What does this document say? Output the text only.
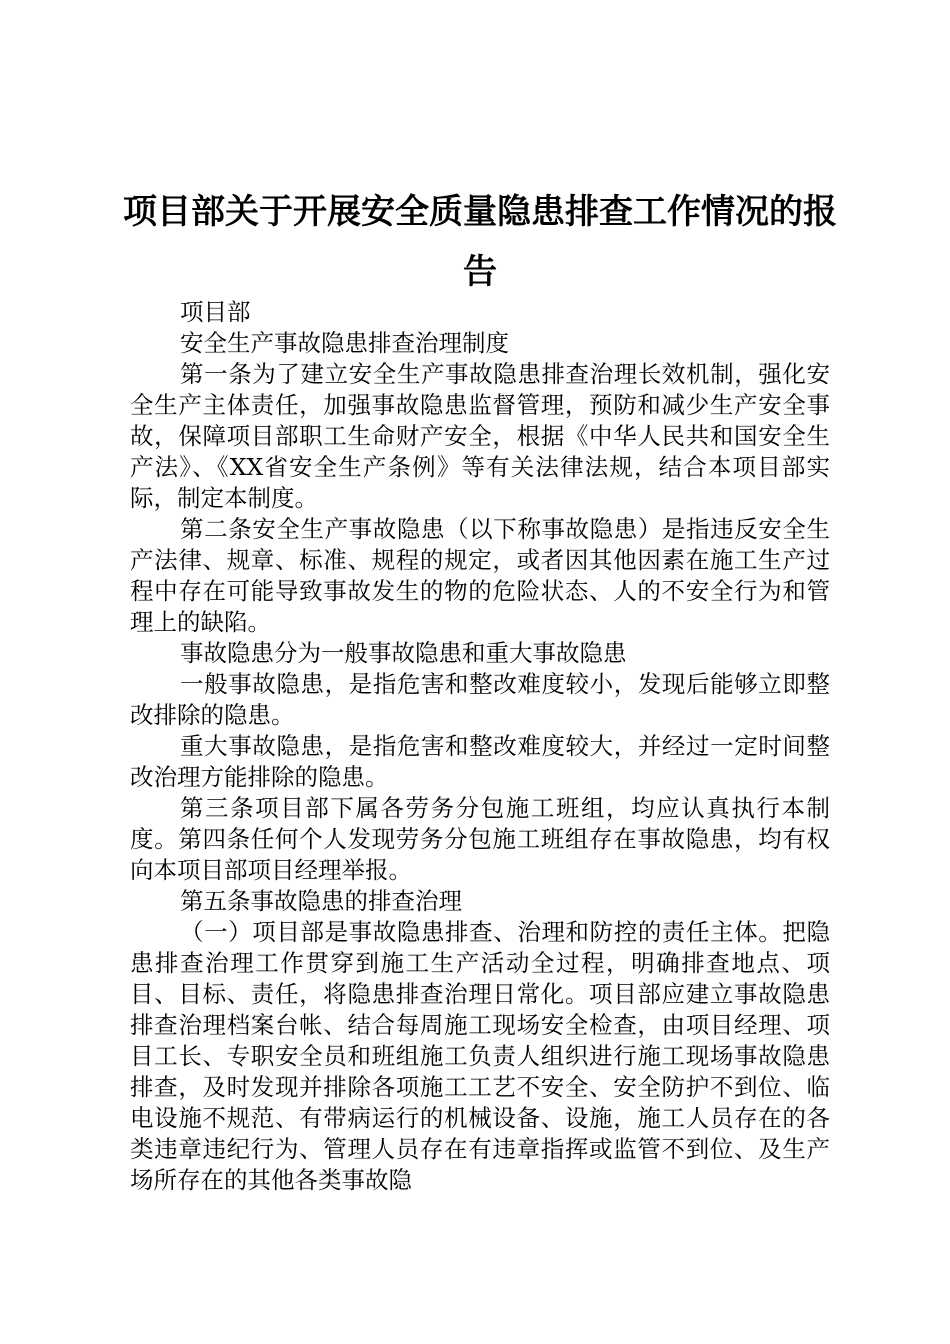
项目部关于开展安全质量隐患排查工作情况的报告

项目部

安全生产事故隐患排查治理制度

第一条为了建立安全生产事故隐患排查治理长效机制，强化安全生产主体责任，加强事故隐患监督管理，预防和减少生产安全事故，保障项目部职工生命财产安全，根据《中华人民共和国安全生产法》、《XX省安全生产条例》等有关法律法规，结合本项目部实际，制定本制度。

第二条安全生产事故隐患（以下称事故隐患）是指违反安全生产法律、规章、标准、规程的规定，或者因其他因素在施工生产过程中存在可能导致事故发生的物的危险状态、人的不安全行为和管理上的缺陷。

事故隐患分为一般事故隐患和重大事故隐患

一般事故隐患，是指危害和整改难度较小，发现后能够立即整改排除的隐患。

重大事故隐患，是指危害和整改难度较大，并经过一定时间整改治理方能排除的隐患。

第三条项目部下属各劳务分包施工班组，均应认真执行本制度。第四条任何个人发现劳务分包施工班组存在事故隐患，均有权向本项目部项目经理举报。

第五条事故隐患的排查治理

（一）项目部是事故隐患排查、治理和防控的责任主体。把隐患排查治理工作贯穿到施工生产活动全过程，明确排查地点、项目、目标、责任，将隐患排查治理日常化。项目部应建立事故隐患排查治理档案台帐、结合每周施工现场安全检查，由项目经理、项目工长、专职安全员和班组施工负责人组织进行施工现场事故隐患排查，及时发现并排除各项施工工艺不安全、安全防护不到位、临电设施不规范、有带病运行的机械设备、设施，施工人员存在的各类违章违纪行为、管理人员存在有违章指挥或监管不到位、及生产场所存在的其他各类事故隐
